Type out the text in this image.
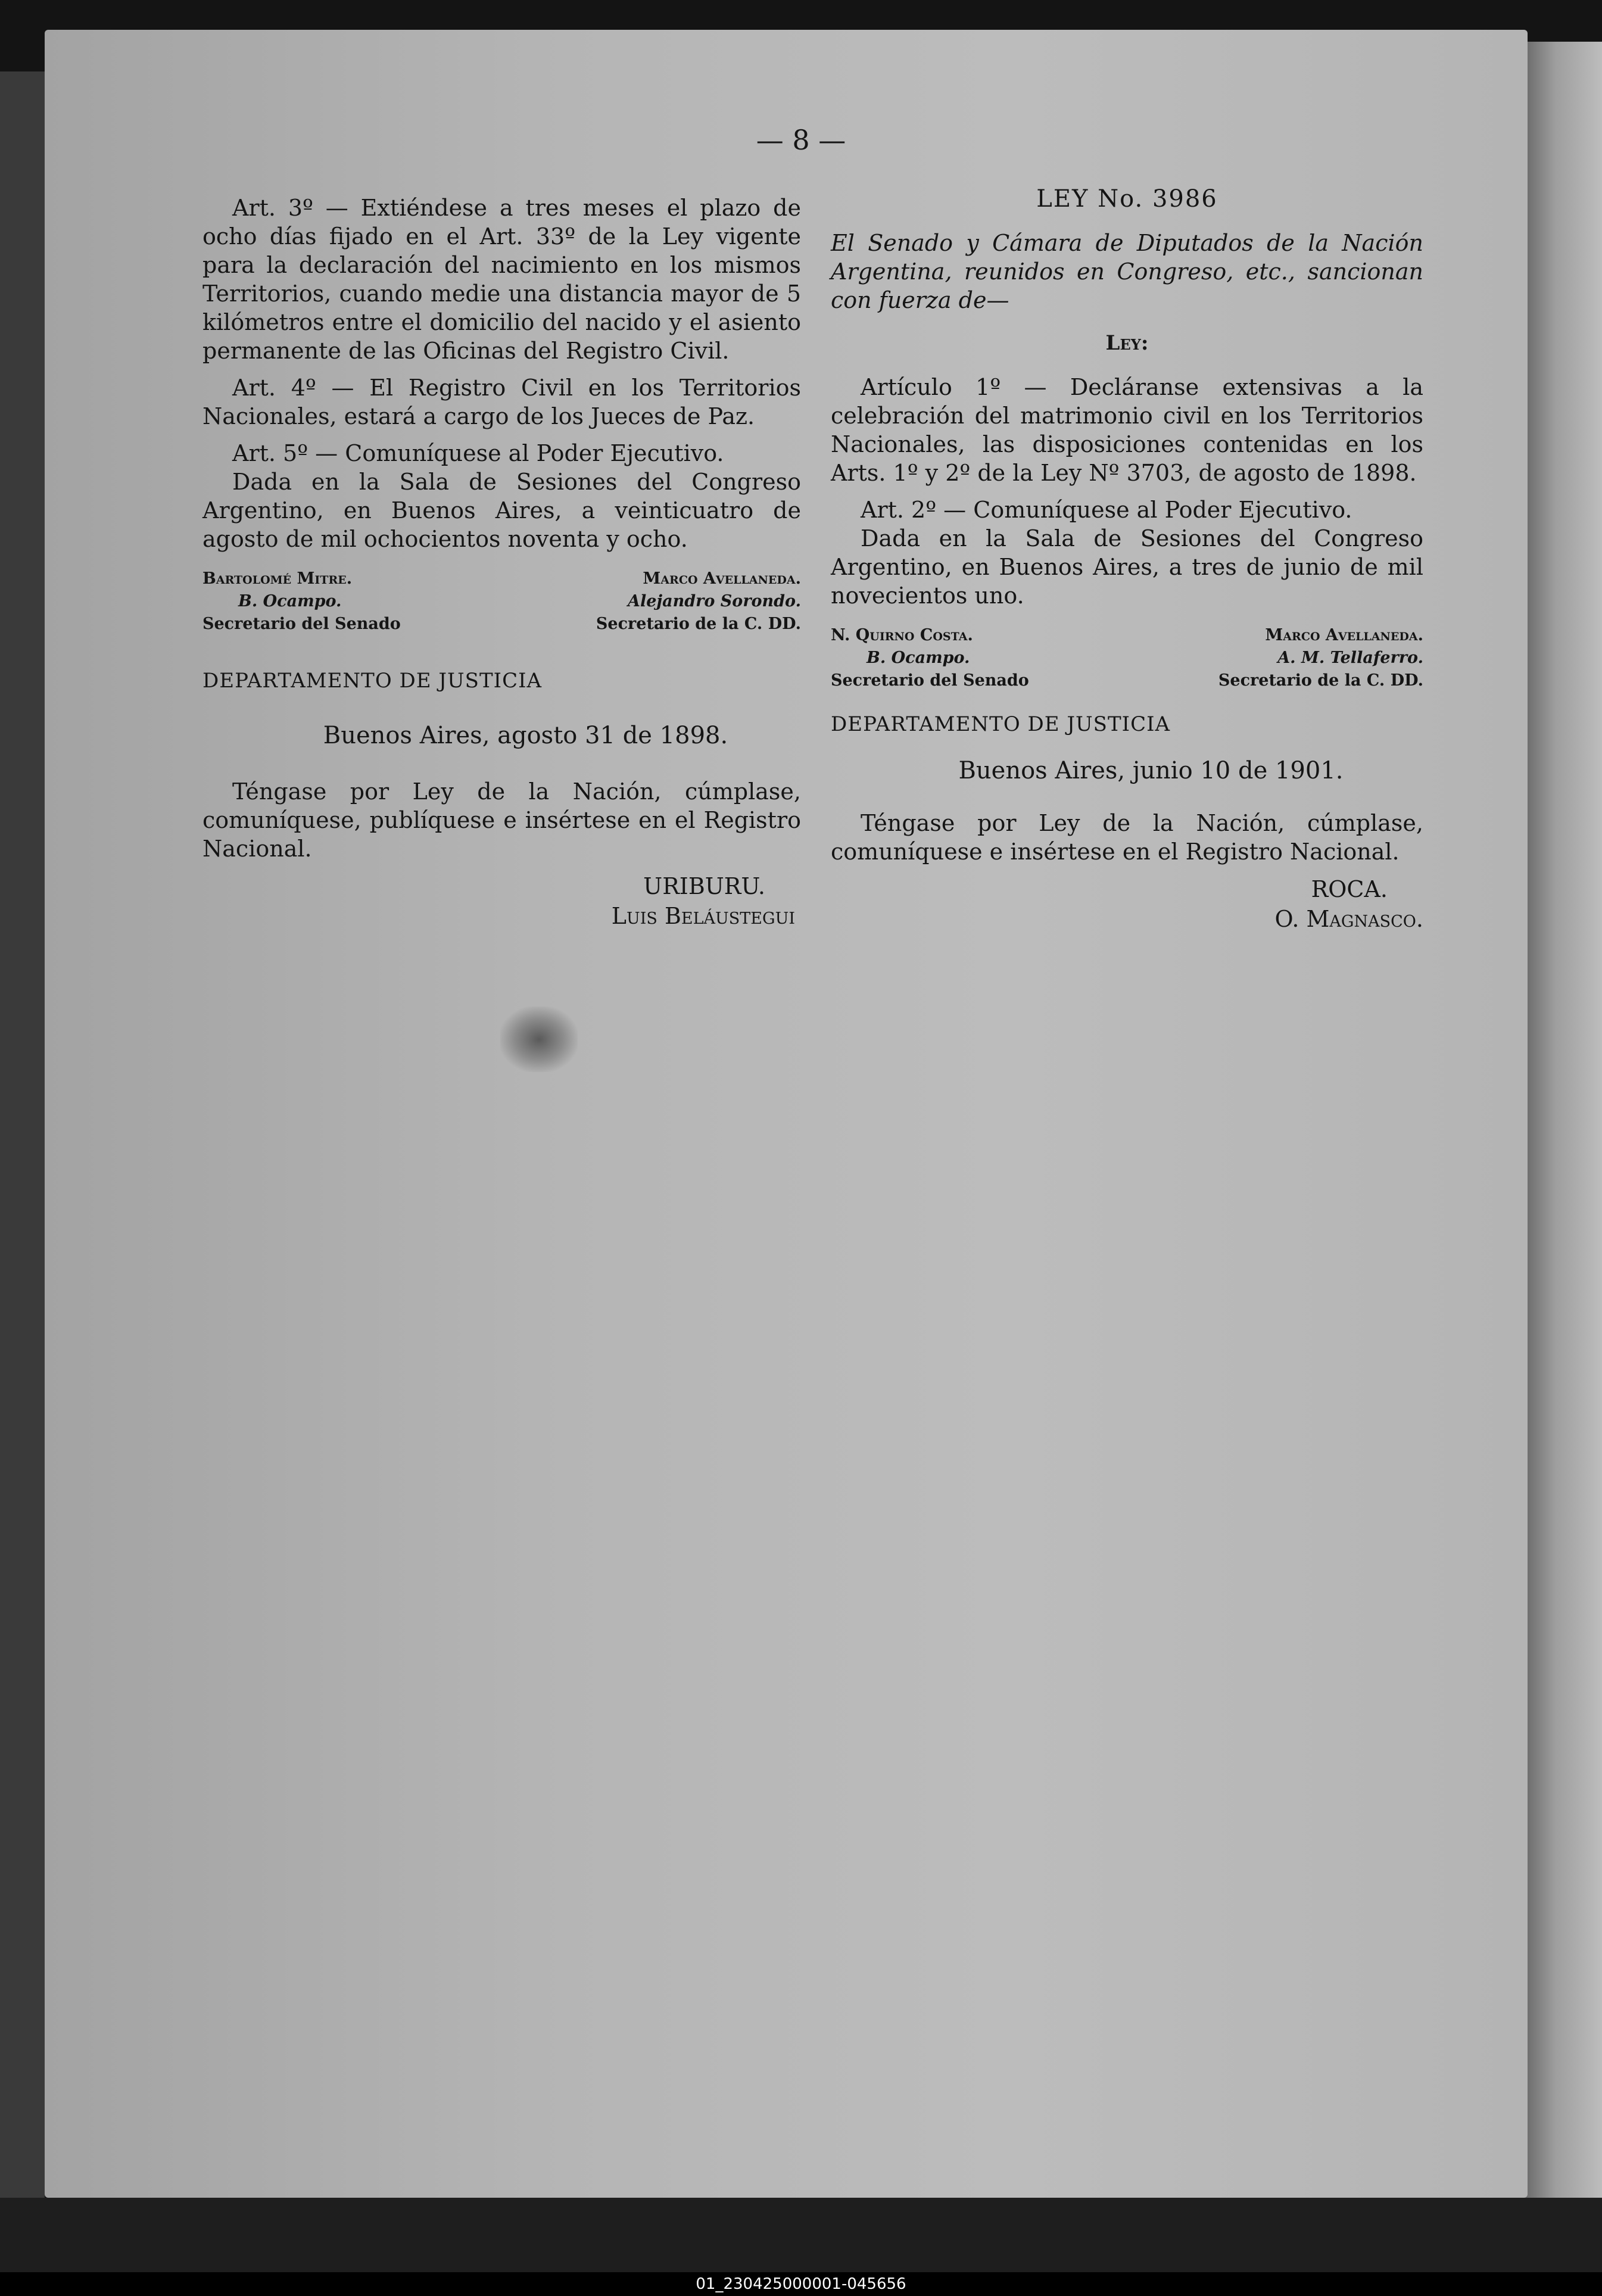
— 8 —

Art. 3º — Extiéndese a tres meses el plazo de ocho días fijado en el Art. 33º de la Ley vigente para la declaración del nacimiento en los mismos Territorios, cuando medie una distancia mayor de 5 kilómetros entre el domicilio del nacido y el asiento permanente de las Oficinas del Registro Civil.

Art. 4º — El Registro Civil en los Territorios Nacionales, estará a cargo de los Jueces de Paz.

Art. 5º — Comuníquese al Poder Ejecutivo.

Dada en la Sala de Sesiones del Congreso Argentino, en Buenos Aires, a veinticuatro de agosto de mil ochocientos noventa y ocho.

Bartolomé Mitre.
B. Ocampo.
Secretario del Senado
Marco Avellaneda.
Alejandro Sorondo.
Secretario de la C. DD.
DEPARTAMENTO DE JUSTICIA
Buenos Aires, agosto 31 de 1898.

Téngase por Ley de la Nación, cúmplase, comuníquese, publíquese e insértese en el Registro Nacional.

URIBURU.
Luis Beláustegui
LEY No. 3986

El Senado y Cámara de Diputados de la Nación Argentina, reunidos en Congreso, etc., sancionan con fuerza de—

Ley:

Artículo 1º — Decláranse extensivas a la celebración del matrimonio civil en los Territorios Nacionales, las disposiciones contenidas en los Arts. 1º y 2º de la Ley Nº 3703, de agosto de 1898.

Art. 2º — Comuníquese al Poder Ejecutivo.

Dada en la Sala de Sesiones del Congreso Argentino, en Buenos Aires, a tres de junio de mil novecientos uno.

N. Quirno Costa.
B. Ocampo.
Secretario del Senado
Marco Avellaneda.
A. M. Tellaferro.
Secretario de la C. DD.
DEPARTAMENTO DE JUSTICIA
Buenos Aires, junio 10 de 1901.

Téngase por Ley de la Nación, cúmplase, comuníquese e insértese en el Registro Nacional.

ROCA.
O. Magnasco.
01_230425000001-045656
